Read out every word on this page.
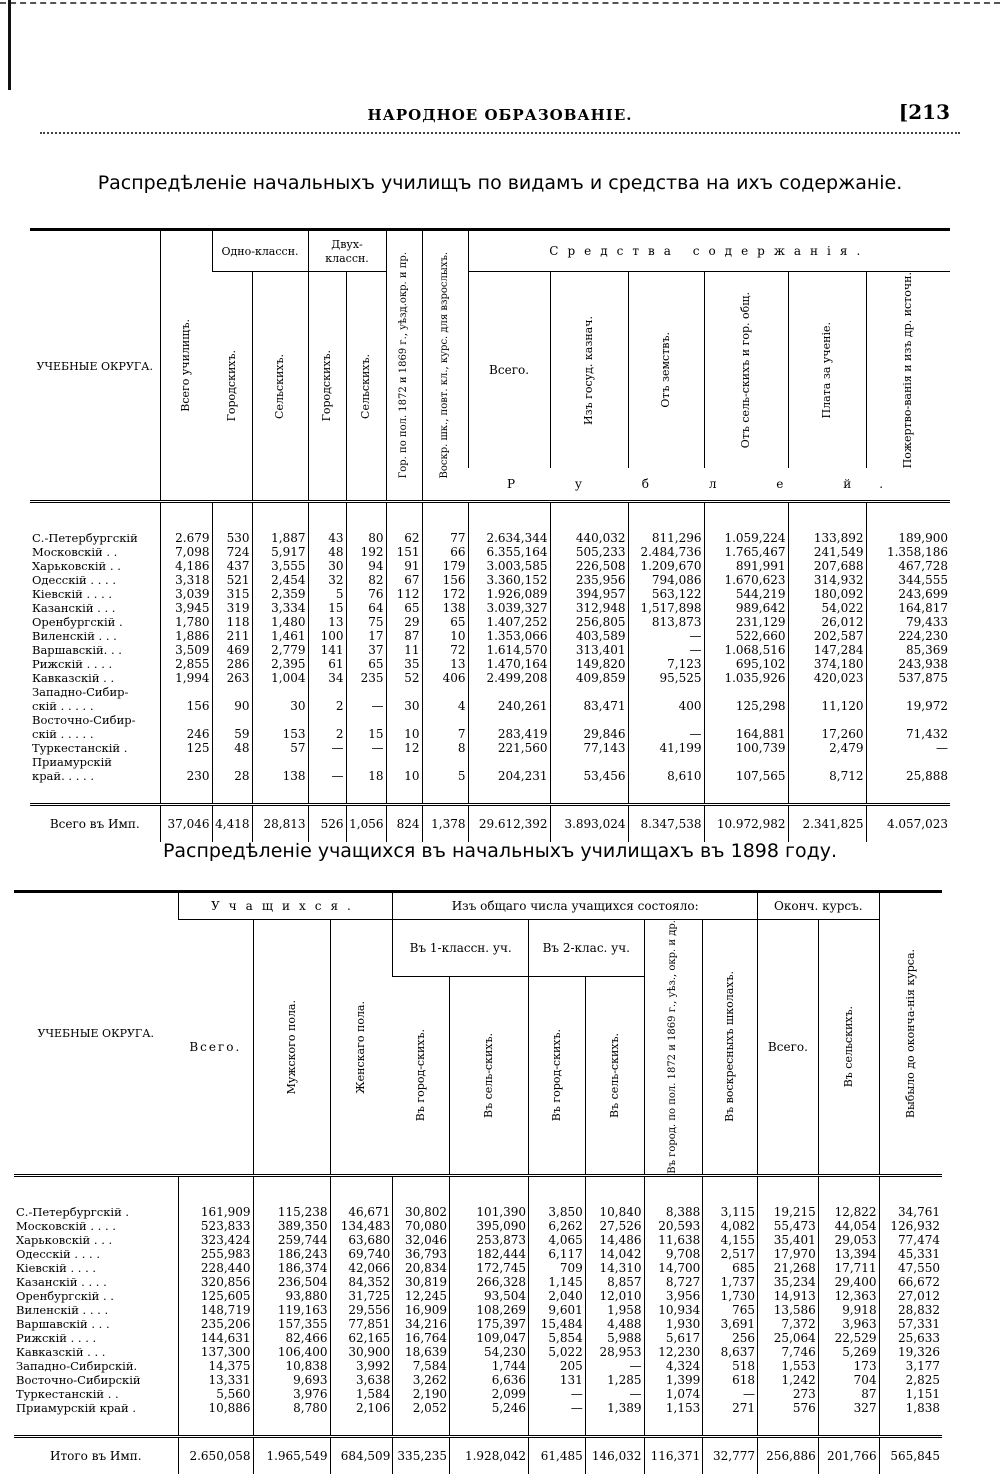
НАРОДНОЕ ОБРАЗОВАНІЕ.	[213
Распредѣленіе начальныхъ училищъ по видамъ и средства на ихъ содержаніе.
УЧЕБНЫЕ ОКРУГА.	Всего училищъ.	Одно-классн.		Двух-классн.		Гор. по пол. 1872 и 1869 г., уѣзд.окр. и пр.	Воскр. шк., повт. кл., курс. для взрослыхъ.	Средства содержанія.					

		Городскихъ.	Сельскихъ.	Городскихъ.	Сельскихъ.			Всего.	Изъ госуд. казнач.	Отъ земствъ.	Отъ сель-скихъ и гор. общ.	Плата за ученіе.	Пожертво-ванія и изъ др. источн.

								Р у б л е й.					

С.-Петербургскій	2.679	530	1,887	43	80	62	77	2.634,344	440,032	811,296	1.059,224	133,892	189,900

Московскій . .	7,098	724	5,917	48	192	151	66	6.355,164	505,233	2.484,736	1.765,467	241,549	1.358,186

Харьковскій . .	4,186	437	3,555	30	94	91	179	3.003,585	226,508	1.209,670	891,991	207,688	467,728

Одесскій . . . .	3,318	521	2,454	32	82	67	156	3.360,152	235,956	794,086	1.670,623	314,932	344,555

Кіевскій . . . .	3,039	315	2,359	5	76	112	172	1.926,089	394,957	563,122	544,219	180,092	243,699

Казанскій . . .	3,945	319	3,334	15	64	65	138	3.039,327	312,948	1,517,898	989,642	54,022	164,817

Оренбургскій .	1,780	118	1,480	13	75	29	65	1.407,252	256,805	813,873	231,129	26,012	79,433

Виленскій . . .	1,886	211	1,461	100	17	87	10	1.353,066	403,589	—	522,660	202,587	224,230

Варшавскій. . .	3,509	469	2,779	141	37	11	72	1.614,570	313,401	—	1.068,516	147,284	85,369

Рижскій . . . .	2,855	286	2,395	61	65	35	13	1.470,164	149,820	7,123	695,102	374,180	243,938

Кавказскій . .	1,994	263	1,004	34	235	52	406	2.499,208	409,859	95,525	1.035,926	420,023	537,875

Западно-Сибир-
скій . . . . .	156	90	30	2	—	30	4	240,261	83,471	400	125,298	11,120	19,972

Восточно-Сибир-
скій . . . . .	246	59	153	2	15	10	7	283,419	29,846	—	164,881	17,260	71,432

Туркестанскій .	125	48	57	—	—	12	8	221,560	77,143	41,199	100,739	2,479	—

Приамурскій
край. . . . .	230	28	138	—	18	10	5	204,231	53,456	8,610	107,565	8,712	25,888
Всего въ Имп.	37,046	4,418	28,813	526	1,056	824	1,378	29.612,392	3.893,024	8.347,538	10.972,982	2.341,825	4.057,023
Распредѣленіе учащихся въ начальныхъ училищахъ въ 1898 году.
УЧЕБНЫЕ ОКРУГА.	Учащихся.			Изъ общаго числа учащихся состояло:						Оконч. курсъ.		Выбыло до оконча-нія курса.

	Всего.	Мужского пола.	Женскаго пола.	Въ 1-классн. уч.		Въ 2-клас. уч.		Въ город. по пол. 1872 и 1869 г., уѣз., окр. и др.	Въ воскресныхъ школахъ.	Всего.	Въ сельскихъ.	

				Въ город-скихъ.	Въ сель-скихъ.	Въ город-скихъ.	Въ сель-скихъ.					

С.-Петербургскій .	161,909	115,238	46,671	30,802	101,390	3,850	10,840	8,388	3,115	19,215	12,822	34,761

Московскій . . . .	523,833	389,350	134,483	70,080	395,090	6,262	27,526	20,593	4,082	55,473	44,054	126,932

Харьковскій . . .	323,424	259,744	63,680	32,046	253,873	4,065	14,486	11,638	4,155	35,401	29,053	77,474

Одесскій . . . .	255,983	186,243	69,740	36,793	182,444	6,117	14,042	9,708	2,517	17,970	13,394	45,331

Кіевскій . . . .	228,440	186,374	42,066	20,834	172,745	709	14,310	14,700	685	21,268	17,711	47,550

Казанскій . . . .	320,856	236,504	84,352	30,819	266,328	1,145	8,857	8,727	1,737	35,234	29,400	66,672

Оренбургскій . .	125,605	93,880	31,725	12,245	93,504	2,040	12,010	3,956	1,730	14,913	12,363	27,012

Виленскій . . . .	148,719	119,163	29,556	16,909	108,269	9,601	1,958	10,934	765	13,586	9,918	28,832

Варшавскій . . .	235,206	157,355	77,851	34,216	175,397	15,484	4,488	1,930	3,691	7,372	3,963	57,331

Рижскій . . . .	144,631	82,466	62,165	16,764	109,047	5,854	5,988	5,617	256	25,064	22,529	25,633

Кавказскій . . .	137,300	106,400	30,900	18,639	54,230	5,022	28,953	12,230	8,637	7,746	5,269	19,326

Западно-Сибирскій.	14,375	10,838	3,992	7,584	1,744	205	—	4,324	518	1,553	173	3,177

Восточно-Сибирскій	13,331	9,693	3,638	3,262	6,636	131	1,285	1,399	618	1,242	704	2,825

Туркестанскій . .	5,560	3,976	1,584	2,190	2,099	—	—	1,074	—	273	87	1,151

Приамурскій край .	10,886	8,780	2,106	2,052	5,246	—	1,389	1,153	271	576	327	1,838
Итого въ Имп.	2.650,058	1.965,549	684,509	335,235	1.928,042	61,485	146,032	116,371	32,777	256,886	201,766	565,845
